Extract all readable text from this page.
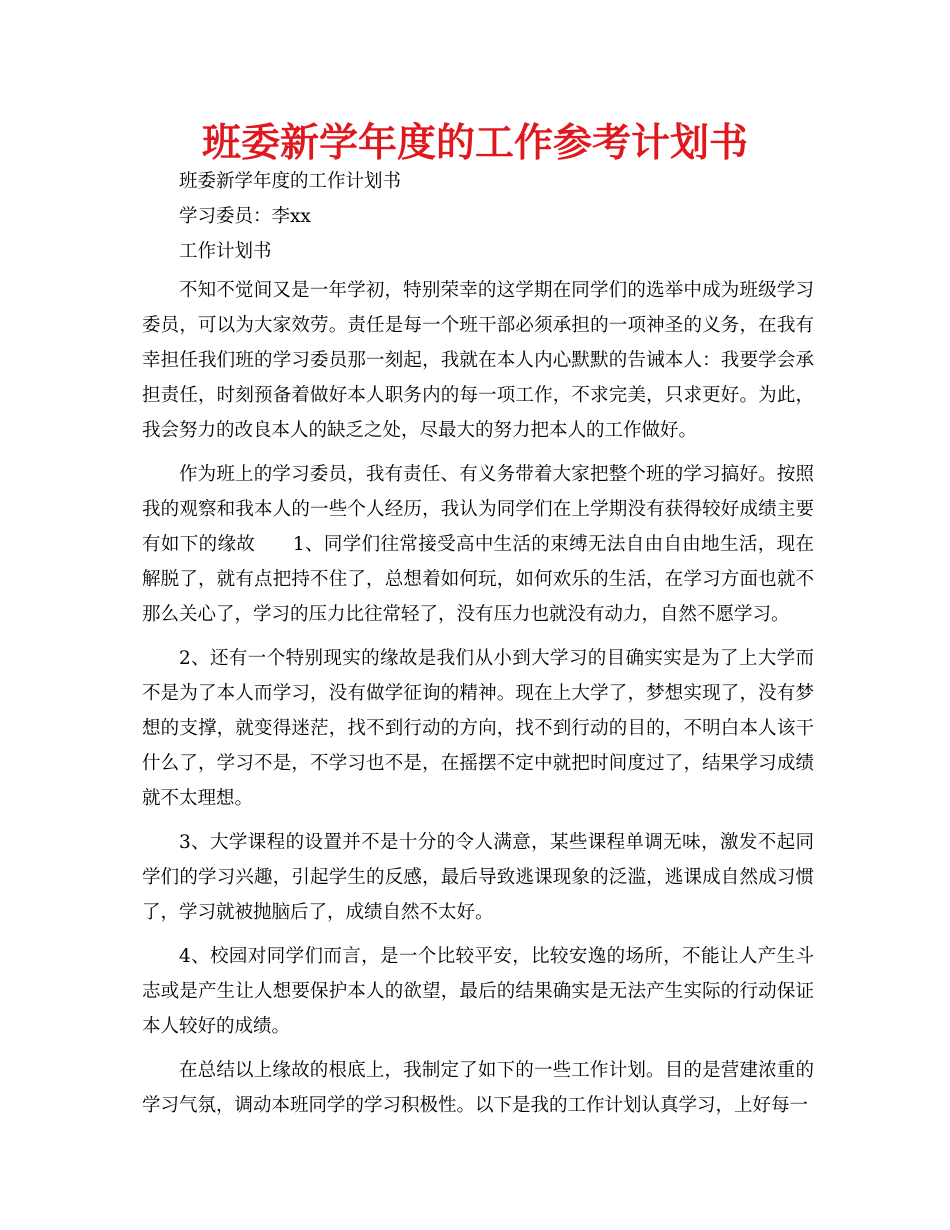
班委新学年度的工作参考计划书

班委新学年度的工作计划书

学习委员：李xx

工作计划书

不知不觉间又是一年学初，特别荣幸的这学期在同学们的选举中成为班级学习委员，可以为大家效劳。责任是每一个班干部必须承担的一项神圣的义务，在我有幸担任我们班的学习委员那一刻起，我就在本人内心默默的告诫本人：我要学会承担责任，时刻预备着做好本人职务内的每一项工作，不求完美，只求更好。为此，我会努力的改良本人的缺乏之处，尽最大的努力把本人的工作做好。

作为班上的学习委员，我有责任、有义务带着大家把整个班的学习搞好。按照我的观察和我本人的一些个人经历，我认为同学们在上学期没有获得较好成绩主要有如下的缘故　　1、同学们往常接受高中生活的束缚无法自由自由地生活，现在解脱了，就有点把持不住了，总想着如何玩，如何欢乐的生活，在学习方面也就不那么关心了，学习的压力比往常轻了，没有压力也就没有动力，自然不愿学习。

2、还有一个特别现实的缘故是我们从小到大学习的目确实实是为了上大学而不是为了本人而学习，没有做学征询的精神。现在上大学了，梦想实现了，没有梦想的支撑，就变得迷茫，找不到行动的方向，找不到行动的目的，不明白本人该干什么了，学习不是，不学习也不是，在摇摆不定中就把时间度过了，结果学习成绩就不太理想。

3、大学课程的设置并不是十分的令人满意，某些课程单调无味，激发不起同学们的学习兴趣，引起学生的反感，最后导致逃课现象的泛滥，逃课成自然成习惯了，学习就被抛脑后了，成绩自然不太好。

4、校园对同学们而言，是一个比较平安，比较安逸的场所，不能让人产生斗志或是产生让人想要保护本人的欲望，最后的结果确实是无法产生实际的行动保证本人较好的成绩。

在总结以上缘故的根底上，我制定了如下的一些工作计划。目的是营建浓重的学习气氛，调动本班同学的学习积极性。以下是我的工作计划认真学习，上好每一
